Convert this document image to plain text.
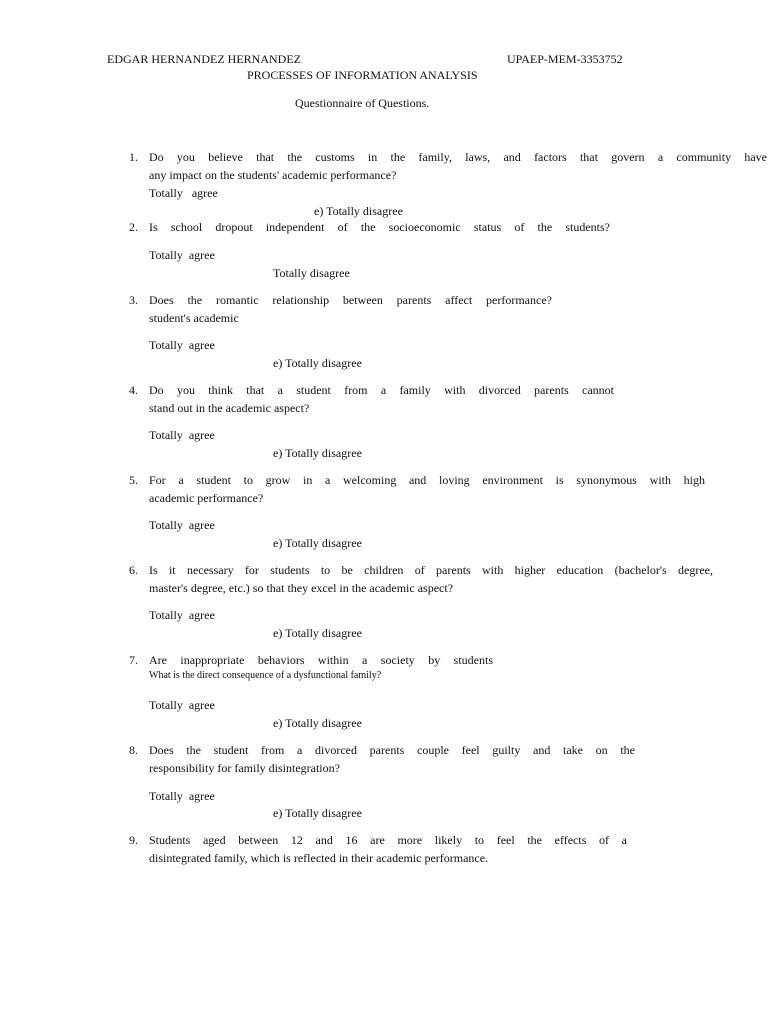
EDGAR HERNANDEZ HERNANDEZ	UPAEP-MEM-3353752
PROCESSES OF INFORMATION ANALYSIS
Questionnaire of Questions.
1. Do you believe that the customs in the family, laws, and factors that govern a community have
any impact on the students' academic performance?
Totally   agree
e) Totally disagree
2. Is school dropout independent of the socioeconomic status of the students?
Totally  agree
Totally disagree
3. Does the romantic relationship between parents affect performance?
student's academic
Totally  agree
e) Totally disagree
4. Do you think that a student from a family with divorced parents cannot
stand out in the academic aspect?
Totally  agree
e) Totally disagree
5. For a student to grow in a welcoming and loving environment is synonymous with high
academic performance?
Totally  agree
e) Totally disagree
6. Is it necessary for students to be children of parents with higher education (bachelor's degree,
master's degree, etc.) so that they excel in the academic aspect?
Totally  agree
e) Totally disagree
7. Are inappropriate behaviors within a society by students
What is the direct consequence of a dysfunctional family?
Totally  agree
e) Totally disagree
8. Does the student from a divorced parents couple feel guilty and take on the
responsibility for family disintegration?
Totally  agree
e) Totally disagree
9. Students aged between 12 and 16 are more likely to feel the effects of a
disintegrated family, which is reflected in their academic performance.
